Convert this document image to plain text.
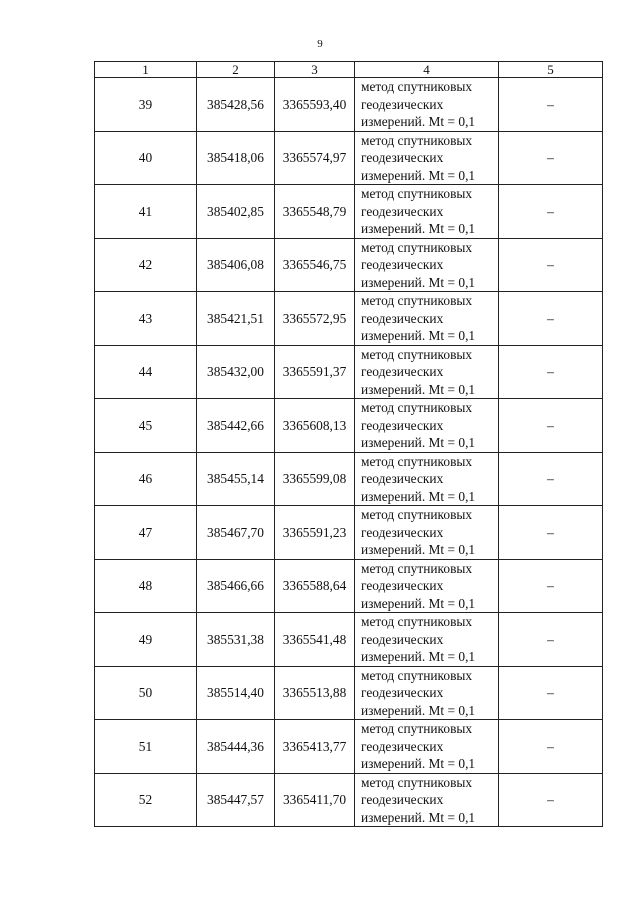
9
1	2	3	4	5
39	385428,56	3365593,40	метод спутниковых
геодезических
измерений. Mt = 0,1	–
40	385418,06	3365574,97	метод спутниковых
геодезических
измерений. Mt = 0,1	–
41	385402,85	3365548,79	метод спутниковых
геодезических
измерений. Mt = 0,1	–
42	385406,08	3365546,75	метод спутниковых
геодезических
измерений. Mt = 0,1	–
43	385421,51	3365572,95	метод спутниковых
геодезических
измерений. Mt = 0,1	–
44	385432,00	3365591,37	метод спутниковых
геодезических
измерений. Mt = 0,1	–
45	385442,66	3365608,13	метод спутниковых
геодезических
измерений. Mt = 0,1	–
46	385455,14	3365599,08	метод спутниковых
геодезических
измерений. Mt = 0,1	–
47	385467,70	3365591,23	метод спутниковых
геодезических
измерений. Mt = 0,1	–
48	385466,66	3365588,64	метод спутниковых
геодезических
измерений. Mt = 0,1	–
49	385531,38	3365541,48	метод спутниковых
геодезических
измерений. Mt = 0,1	–
50	385514,40	3365513,88	метод спутниковых
геодезических
измерений. Mt = 0,1	–
51	385444,36	3365413,77	метод спутниковых
геодезических
измерений. Mt = 0,1	–
52	385447,57	3365411,70	метод спутниковых
геодезических
измерений. Mt = 0,1	–
